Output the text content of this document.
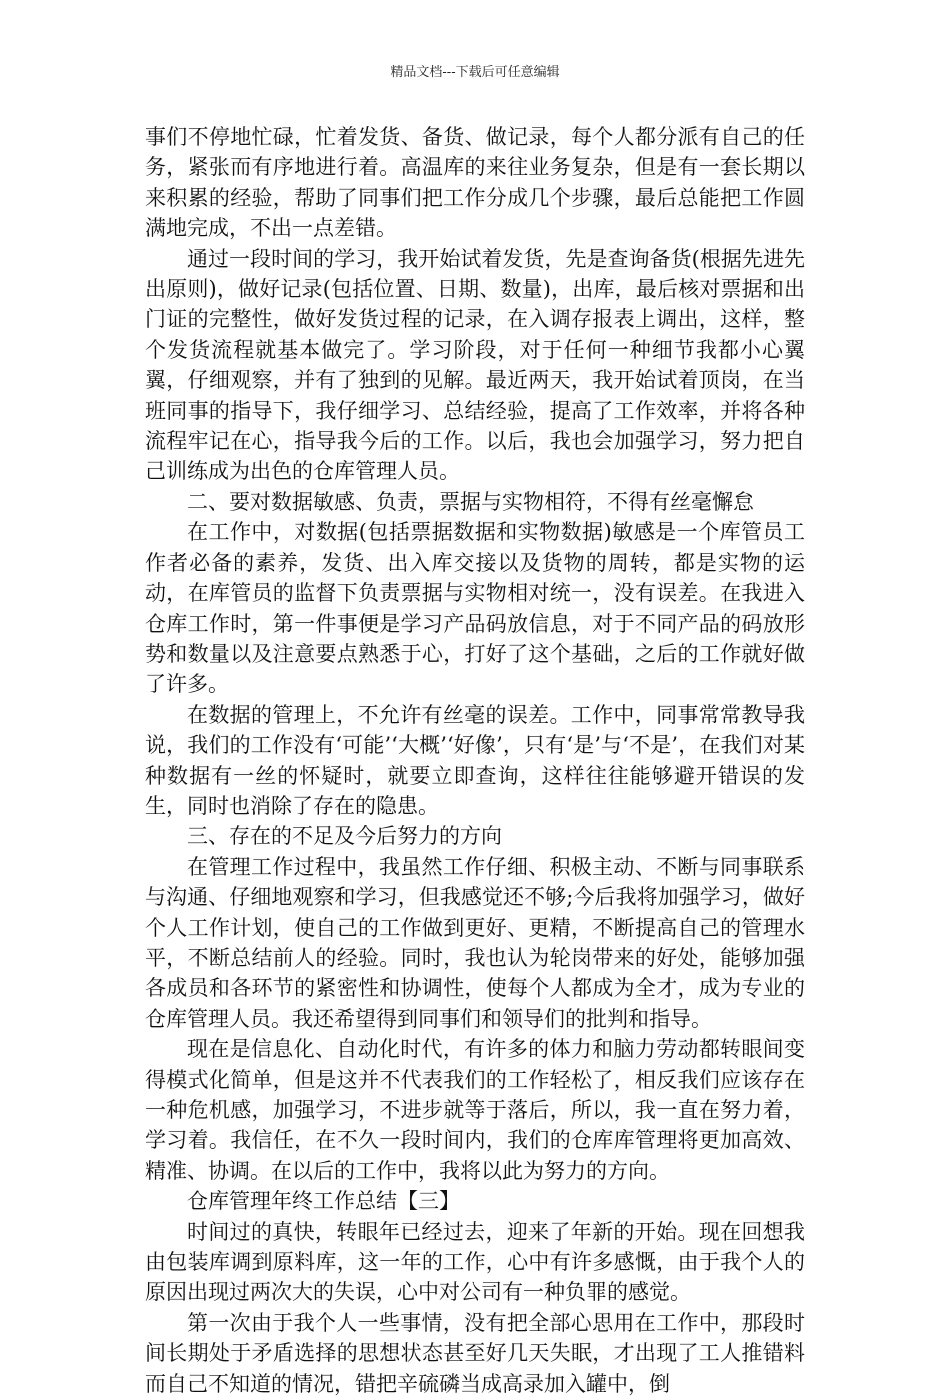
精品文档---下载后可任意编辑

事们不停地忙碌，忙着发货、备货、做记录，每个人都分派有自己的任务，紧张而有序地进行着。高温库的来往业务复杂，但是有一套长期以来积累的经验，帮助了同事们把工作分成几个步骤，最后总能把工作圆满地完成，不出一点差错。

通过一段时间的学习，我开始试着发货，先是查询备货(根据先进先出原则)，做好记录(包括位置、日期、数量)，出库，最后核对票据和出门证的完整性，做好发货过程的记录，在入调存报表上调出，这样，整个发货流程就基本做完了。学习阶段，对于任何一种细节我都小心翼翼，仔细观察，并有了独到的见解。最近两天，我开始试着顶岗，在当班同事的指导下，我仔细学习、总结经验，提高了工作效率，并将各种流程牢记在心，指导我今后的工作。以后，我也会加强学习，努力把自己训练成为出色的仓库管理人员。

二、要对数据敏感、负责，票据与实物相符，不得有丝毫懈怠

在工作中，对数据(包括票据数据和实物数据)敏感是一个库管员工作者必备的素养，发货、出入库交接以及货物的周转，都是实物的运动，在库管员的监督下负责票据与实物相对统一，没有误差。在我进入仓库工作时，第一件事便是学习产品码放信息，对于不同产品的码放形势和数量以及注意要点熟悉于心，打好了这个基础，之后的工作就好做了许多。

在数据的管理上，不允许有丝毫的误差。工作中，同事常常教导我说，我们的工作没有‘可能’‘大概’‘好像’，只有‘是’与‘不是’，在我们对某种数据有一丝的怀疑时，就要立即查询，这样往往能够避开错误的发生，同时也消除了存在的隐患。

三、存在的不足及今后努力的方向

在管理工作过程中，我虽然工作仔细、积极主动、不断与同事联系与沟通、仔细地观察和学习，但我感觉还不够;今后我将加强学习，做好个人工作计划，使自己的工作做到更好、更精，不断提高自己的管理水平，不断总结前人的经验。同时，我也认为轮岗带来的好处，能够加强各成员和各环节的紧密性和协调性，使每个人都成为全才，成为专业的仓库管理人员。我还希望得到同事们和领导们的批判和指导。

现在是信息化、自动化时代，有许多的体力和脑力劳动都转眼间变得模式化简单，但是这并不代表我们的工作轻松了，相反我们应该存在一种危机感，加强学习，不进步就等于落后，所以，我一直在努力着，学习着。我信任，在不久一段时间内，我们的仓库库管理将更加高效、精准、协调。在以后的工作中，我将以此为努力的方向。

仓库管理年终工作总结【三】

时间过的真快，转眼年已经过去，迎来了年新的开始。现在回想我由包装库调到原料库，这一年的工作，心中有许多感慨，由于我个人的原因出现过两次大的失误，心中对公司有一种负罪的感觉。

第一次由于我个人一些事情，没有把全部心思用在工作中，那段时间长期处于矛盾选择的思想状态甚至好几天失眠，才出现了工人推错料而自己不知道的情况，错把辛硫磷当成高录加入罐中，倒
